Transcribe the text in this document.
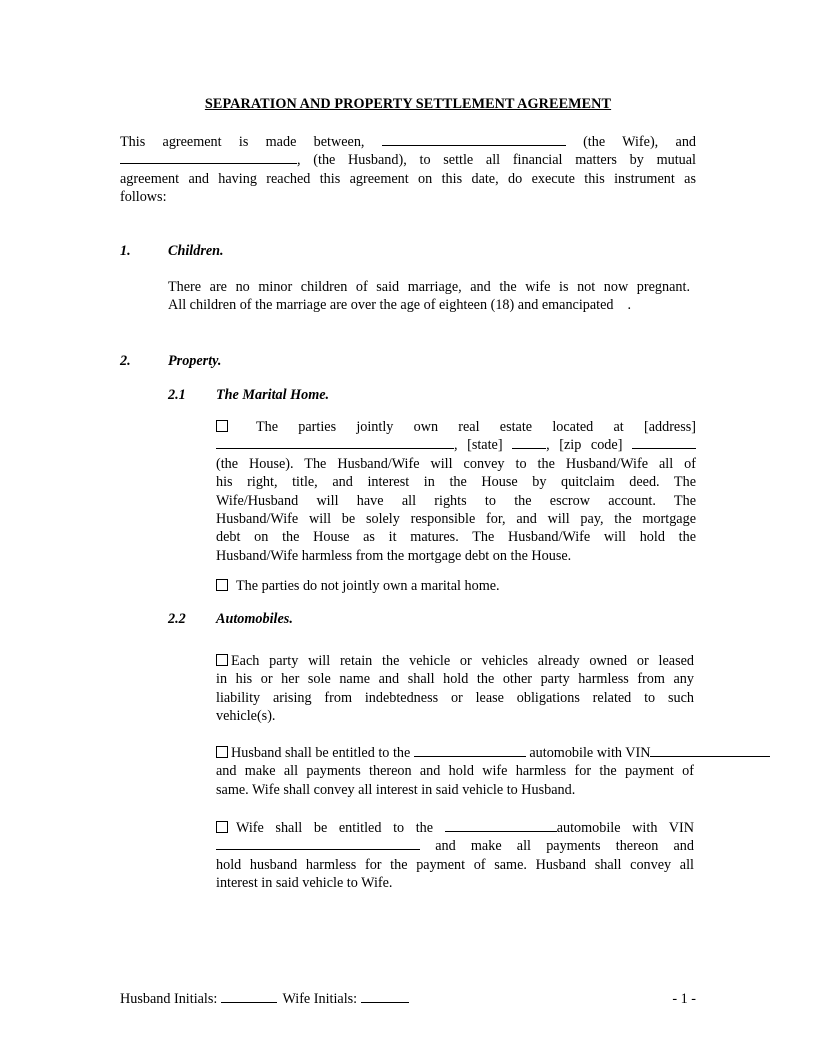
SEPARATION AND PROPERTY SETTLEMENT AGREEMENT
This agreement is made between,	(the Wife), and
, (the Husband), to settle all financial matters by mutual
agreement and having reached this agreement on this date, do execute this instrument as
follows:
1.	Children.
There are no minor children of said marriage, and the wife is not now pregnant.
All children of the marriage are over the age of eighteen (18) and emancipated .
2.	Property.
2.1 The Marital Home.
The parties jointly own real estate located at [address]
, [state]	, [zip code]
(the House). The Husband/Wife will convey to the Husband/Wife all of
his right, title, and interest in the House by quitclaim deed. The
Wife/Husband will have all rights to the escrow account. The
Husband/Wife will be solely responsible for, and will pay, the mortgage
debt on the House as it matures. The Husband/Wife will hold the
Husband/Wife harmless from the mortgage debt on the House.
The parties do not jointly own a marital home.
2.2 Automobiles.
Each party will retain the vehicle or vehicles already owned or leased
in his or her sole name and shall hold the other party harmless from any
liability arising from indebtedness or lease obligations related to such
vehicle(s).
Husband shall be entitled to the	automobile with VIN
and make all payments thereon and hold wife harmless for the payment of
same. Wife shall convey all interest in said vehicle to Husband.
Wife shall be entitled to the	automobile with VIN
and make all payments thereon and
hold husband harmless for the payment of same. Husband shall convey all
interest in said vehicle to Wife.
Husband Initials:	Wife Initials:	- 1 -
